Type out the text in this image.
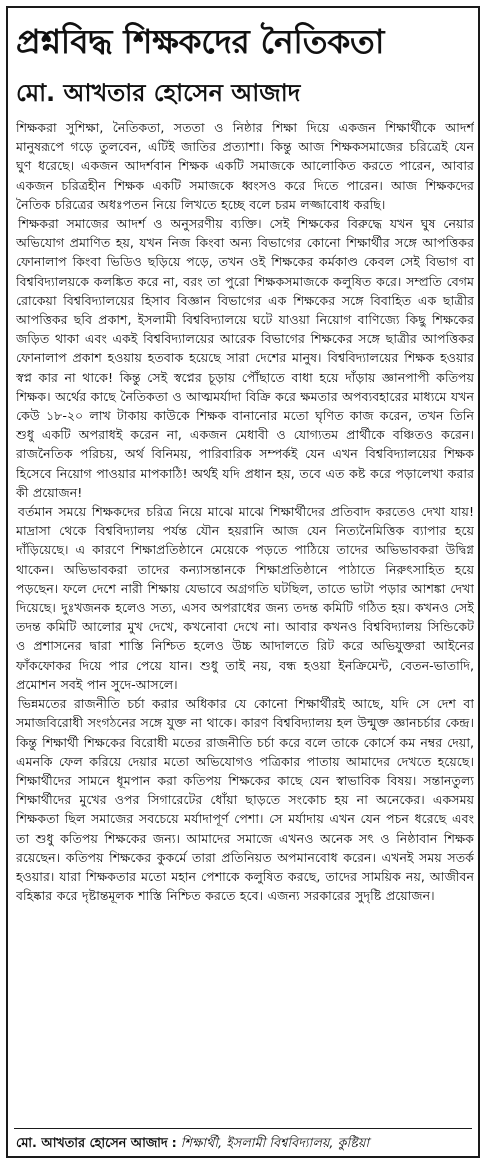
প্রশ্নবিদ্ধ শিক্ষকদের নৈতিকতা
মো. আখতার হোসেন আজাদ

শিক্ষকরা সুশিক্ষা, নৈতিকতা, সততা ও নিষ্ঠার শিক্ষা দিয়ে একজন শিক্ষার্থীকে আদর্শ মানুষরূপে গড়ে তুলবেন, এটিই জাতির প্রত্যাশা। কিন্তু আজ শিক্ষকসমাজের চরিত্রেই যেন ঘুণ ধরেছে। একজন আদর্শবান শিক্ষক একটি সমাজকে আলোকিত করতে পারেন, আবার একজন চরিত্রহীন শিক্ষক একটি সমাজকে ধ্বংসও করে দিতে পারেন। আজ শিক্ষকদের নৈতিক চরিত্রের অধঃপতন নিয়ে লিখতে হচ্ছে বলে চরম লজ্জাবোধ করছি।

শিক্ষকরা সমাজের আদর্শ ও অনুসরণীয় ব্যক্তি। সেই শিক্ষকের বিরুদ্ধে যখন ঘুষ নেয়ার অভিযোগ প্রমাণিত হয়, যখন নিজ কিংবা অন্য বিভাগের কোনো শিক্ষার্থীর সঙ্গে আপত্তিকর ফোনালাপ কিংবা ভিডিও ছড়িয়ে পড়ে, তখন ওই শিক্ষকের কর্মকাণ্ড কেবল সেই বিভাগ বা বিশ্ববিদ্যালয়কে কলঙ্কিত করে না, বরং তা পুরো শিক্ষকসমাজকে কলুষিত করে। সম্প্রতি বেগম রোকেয়া বিশ্ববিদ্যালয়ের হিসাব বিজ্ঞান বিভাগের এক শিক্ষকের সঙ্গে বিবাহিত এক ছাত্রীর আপত্তিকর ছবি প্রকাশ, ইসলামী বিশ্ববিদ্যালয়ে ঘটে যাওয়া নিয়োগ বাণিজ্যে কিছু শিক্ষকের জড়িত থাকা এবং একই বিশ্ববিদ্যালয়ের আরেক বিভাগের শিক্ষকের সঙ্গে ছাত্রীর আপত্তিকর ফোনালাপ প্রকাশ হওয়ায় হতবাক হয়েছে সারা দেশের মানুষ। বিশ্ববিদ্যালয়ের শিক্ষক হওয়ার স্বপ্ন কার না থাকে! কিন্তু সেই স্বপ্নের চূড়ায় পৌঁছাতে বাধা হয়ে দাঁড়ায় জ্ঞানপাপী কতিপয় শিক্ষক। অর্থের কাছে নৈতিকতা ও আত্মমর্যাদা বিক্রি করে ক্ষমতার অপব্যবহারের মাধ্যমে যখন কেউ ১৮-২০ লাখ টাকায় কাউকে শিক্ষক বানানোর মতো ঘৃণিত কাজ করেন, তখন তিনি শুধু একটি অপরাধই করেন না, একজন মেধাবী ও যোগ্যতম প্রার্থীকে বঞ্চিতও করেন। রাজনৈতিক পরিচয়, অর্থ বিনিময়, পারিবারিক সম্পর্কই যেন এখন বিশ্ববিদ্যালয়ের শিক্ষক হিসেবে নিয়োগ পাওয়ার মাপকাঠি! অর্থই যদি প্রধান হয়, তবে এত কষ্ট করে পড়ালেখা করার কী প্রয়োজন!

বর্তমান সময়ে শিক্ষকদের চরিত্র নিয়ে মাঝে মাঝে শিক্ষার্থীদের প্রতিবাদ করতেও দেখা যায়! মাদ্রাসা থেকে বিশ্ববিদ্যালয় পর্যন্ত যৌন হয়রানি আজ যেন নিত্যনৈমিত্তিক ব্যাপার হয়ে দাঁড়িয়েছে। এ কারণে শিক্ষাপ্রতিষ্ঠানে মেয়েকে পড়তে পাঠিয়ে তাদের অভিভাবকরা উদ্বিগ্ন থাকেন। অভিভাবকরা তাদের কন্যাসন্তানকে শিক্ষাপ্রতিষ্ঠানে পাঠাতে নিরুৎসাহিত হয়ে পড়ছেন। ফলে দেশে নারী শিক্ষায় যেভাবে অগ্রগতি ঘটছিল, তাতে ভাটা পড়ার আশঙ্কা দেখা দিয়েছে। দুঃখজনক হলেও সত্য, এসব অপরাধের জন্য তদন্ত কমিটি গঠিত হয়। কখনও সেই তদন্ত কমিটি আলোর মুখ দেখে, কখনোবা দেখে না। আবার কখনও বিশ্ববিদ্যালয় সিন্ডিকেট ও প্রশাসনের দ্বারা শাস্তি নিশ্চিত হলেও উচ্চ আদালতে রিট করে অভিযুক্তরা আইনের ফাঁকফোকর দিয়ে পার পেয়ে যান। শুধু তাই নয়, বন্ধ হওয়া ইনক্রিমেন্ট, বেতন-ভাতাদি, প্রমোশন সবই পান সুদে-আসলে।

ভিন্নমতের রাজনীতি চর্চা করার অধিকার যে কোনো শিক্ষার্থীরই আছে, যদি সে দেশ বা সমাজবিরোধী সংগঠনের সঙ্গে যুক্ত না থাকে। কারণ বিশ্ববিদ্যালয় হল উন্মুক্ত জ্ঞানচর্চার কেন্দ্র। কিন্তু শিক্ষার্থী শিক্ষকের বিরোধী মতের রাজনীতি চর্চা করে বলে তাকে কোর্সে কম নম্বর দেয়া, এমনকি ফেল করিয়ে দেয়ার মতো অভিযোগও পত্রিকার পাতায় আমাদের দেখতে হয়েছে। শিক্ষার্থীদের সামনে ধূমপান করা কতিপয় শিক্ষকের কাছে যেন স্বাভাবিক বিষয়। সন্তানতুল্য শিক্ষার্থীদের মুখের ওপর সিগারেটের ধোঁয়া ছাড়তে সংকোচ হয় না অনেকের। একসময় শিক্ষকতা ছিল সমাজের সবচেয়ে মর্যাদাপূর্ণ পেশা। সে মর্যাদায় এখন যেন পচন ধরেছে এবং তা শুধু কতিপয় শিক্ষকের জন্য। আমাদের সমাজে এখনও অনেক সৎ ও নিষ্ঠাবান শিক্ষক রয়েছেন। কতিপয় শিক্ষকের কুকর্মে তারা প্রতিনিয়ত অপমানবোধ করেন। এখনই সময় সতর্ক হওয়ার। যারা শিক্ষকতার মতো মহান পেশাকে কলুষিত করছে, তাদের সাময়িক নয়, আজীবন বহিষ্কার করে দৃষ্টান্তমূলক শাস্তি নিশ্চিত করতে হবে। এজন্য সরকারের সুদৃষ্টি প্রয়োজন।

মো. আখতার হোসেন আজাদ : শিক্ষার্থী, ইসলামী বিশ্ববিদ্যালয়, কুষ্টিয়া
